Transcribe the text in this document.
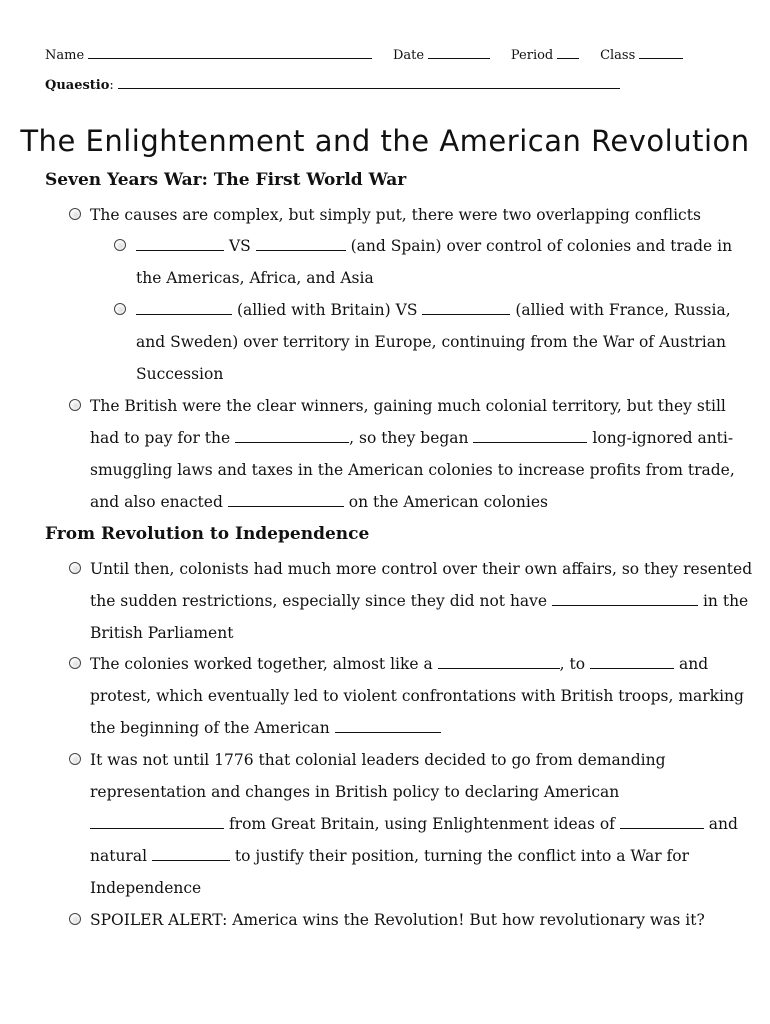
Name	Date	Period	Class
Quaestio:
The Enlightenment and the American Revolution
Seven Years War: The First World War
The causes are complex, but simply put, there were two overlapping conflicts
VS	(and Spain) over control of colonies and trade in
the Americas, Africa, and Asia
(allied with Britain) VS	(allied with France, Russia,
and Sweden) over territory in Europe, continuing from the War of Austrian
Succession
The British were the clear winners, gaining much colonial territory, but they still
had to pay for the	, so they began	long-ignored anti-
smuggling laws and taxes in the American colonies to increase profits from trade,
and also enacted	on the American colonies
From Revolution to Independence
Until then, colonists had much more control over their own affairs, so they resented
the sudden restrictions, especially since they did not have	in the
British Parliament
The colonies worked together, almost like a	, to	and
protest, which eventually led to violent confrontations with British troops, marking
the beginning of the American
It was not until 1776 that colonial leaders decided to go from demanding
representation and changes in British policy to declaring American
from Great Britain, using Enlightenment ideas of	and
natural	to justify their position, turning the conflict into a War for
Independence
SPOILER ALERT: America wins the Revolution! But how revolutionary was it?
